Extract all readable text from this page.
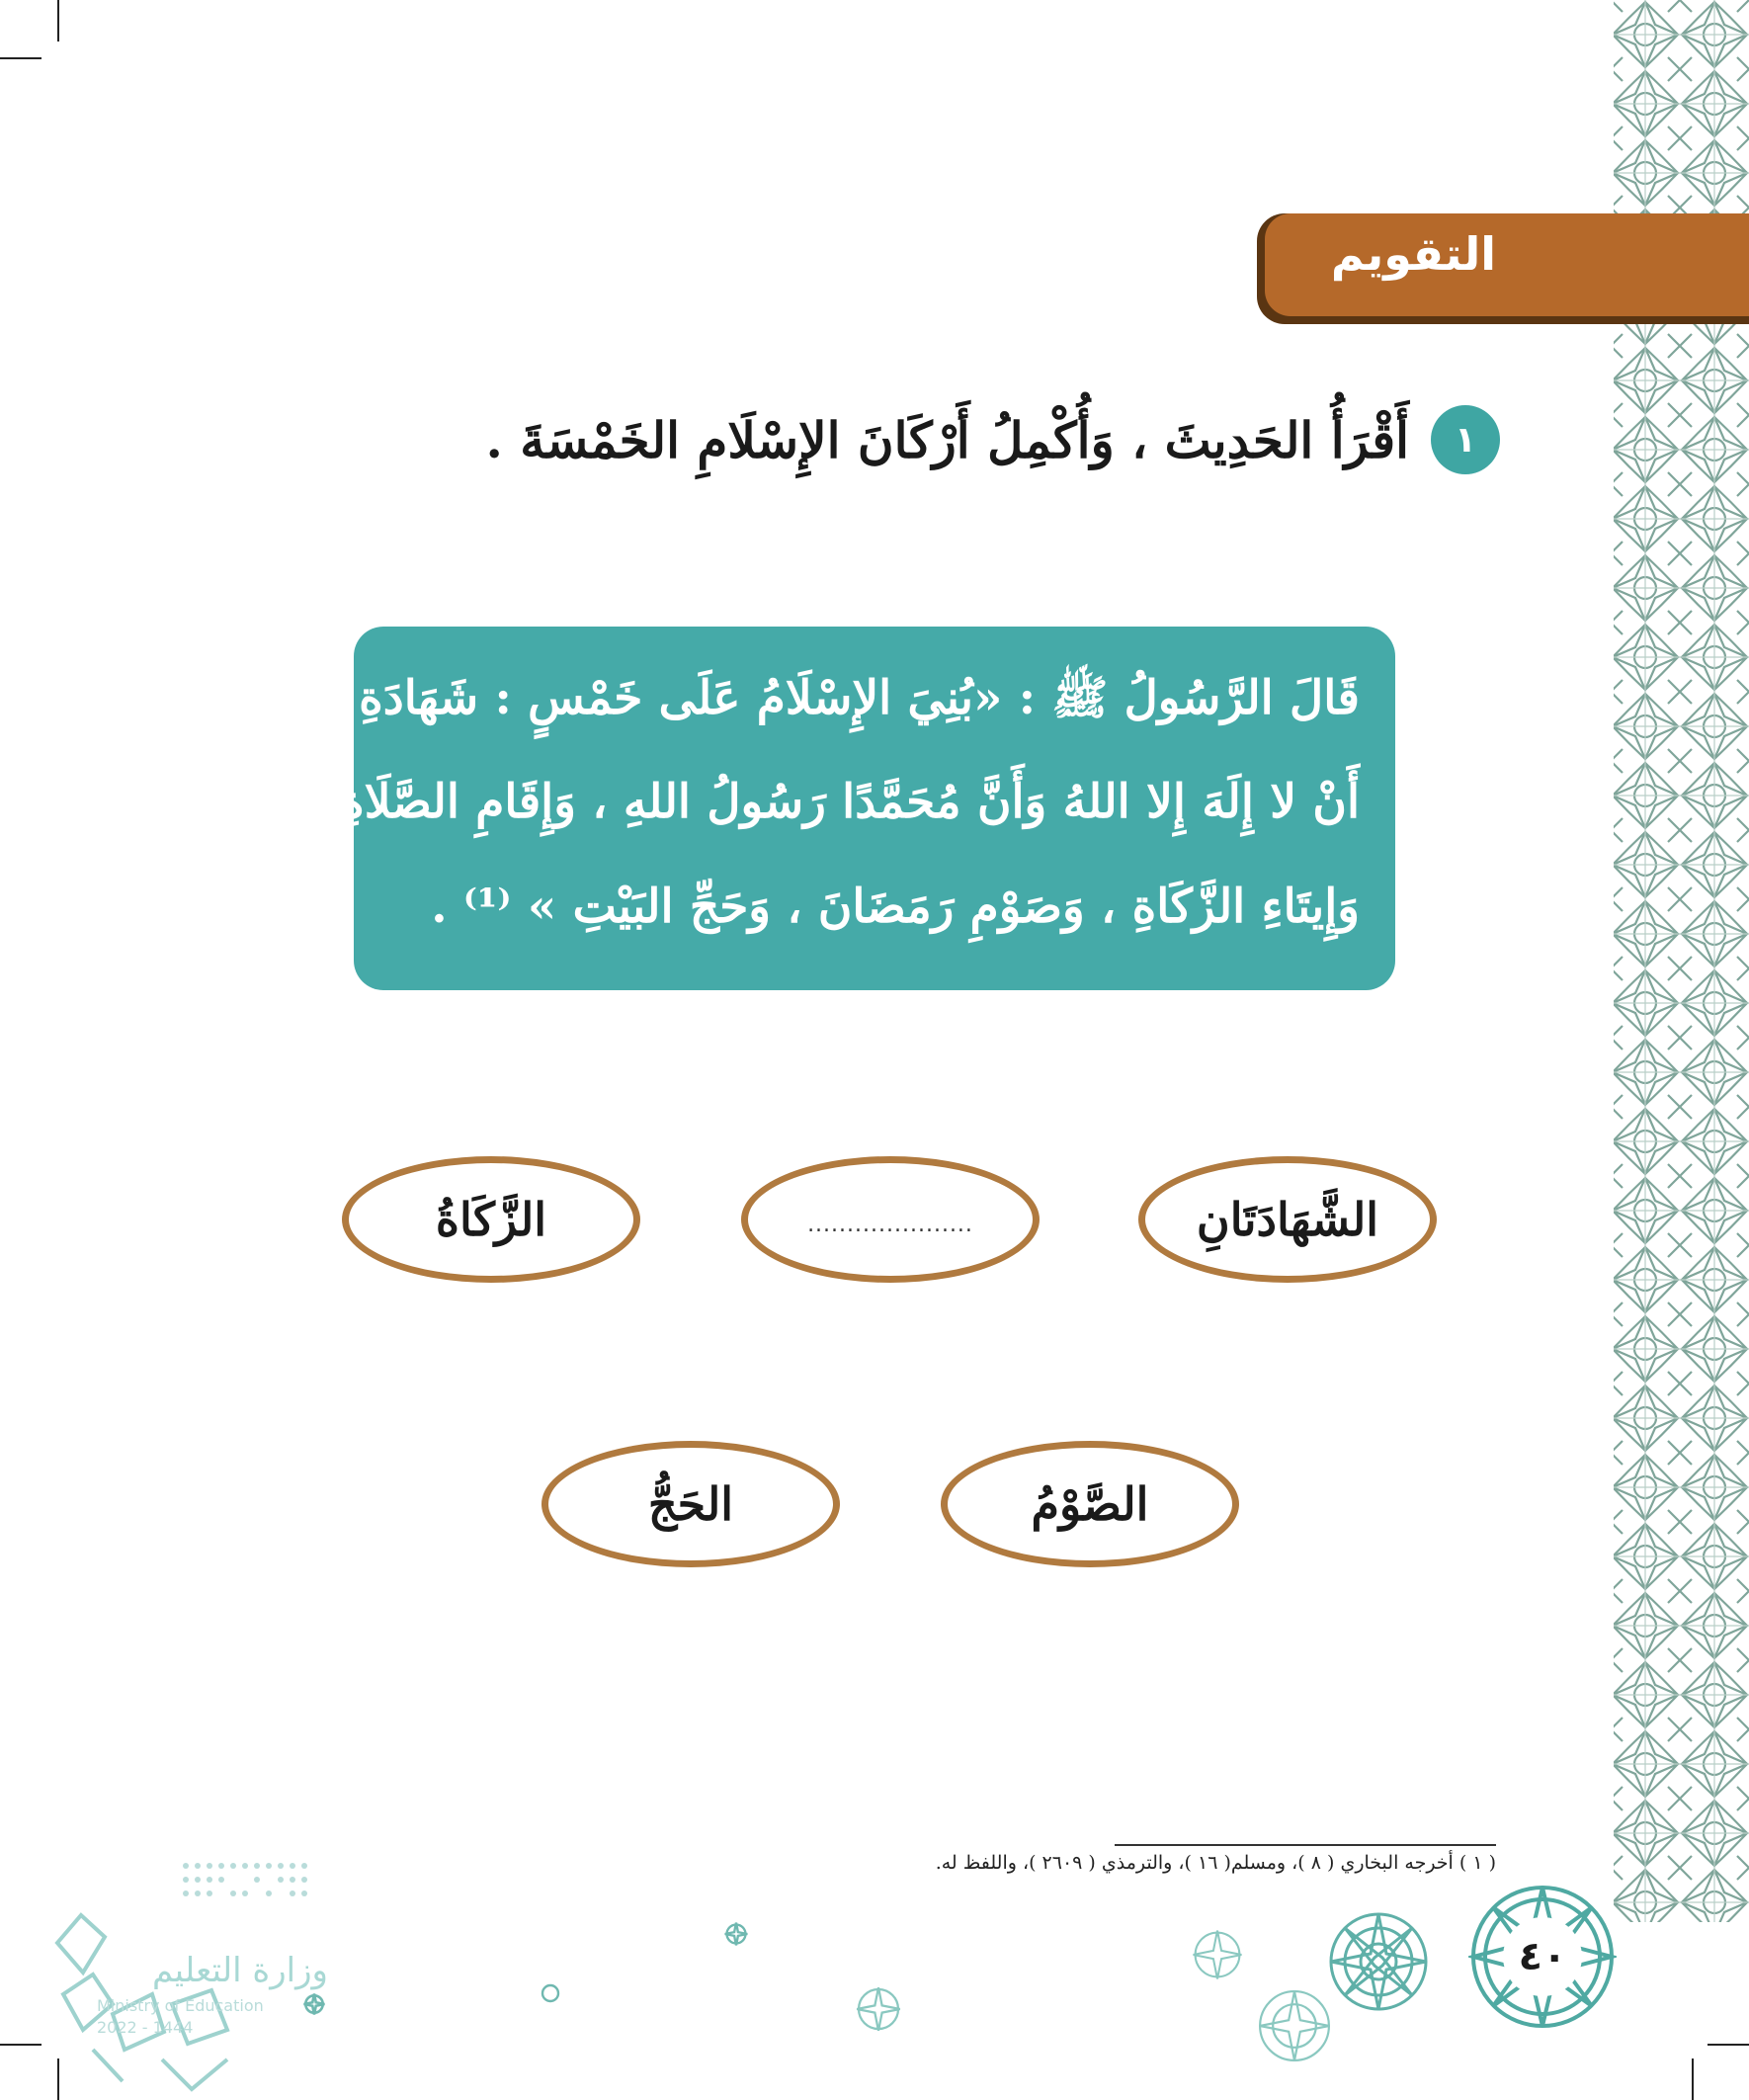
التقويم
١
أَقْرَأُ الحَدِيثَ ، وَأُكْمِلُ أَرْكَانَ الإِسْلَامِ الخَمْسَةَ .
قَالَ الرَّسُولُ ﷺ : «بُنِيَ الإِسْلَامُ عَلَى خَمْسٍ : شَهَادَةِ
أَنْ لا إِلَهَ إِلا اللهُ وَأَنَّ مُحَمَّدًا رَسُولُ اللهِ ، وَإِقَامِ الصَّلَاةِ ،
وَإِيتَاءِ الزَّكَاةِ ، وَصَوْمِ رَمَضَانَ ، وَحَجِّ البَيْتِ » ⁽¹⁾ .
الشَّهَادَتَانِ
.....................
الزَّكَاةُ
الصَّوْمُ
الحَجُّ
( ١ ) أخرجه البخاري ( ٨ )، ومسلم( ١٦ )، والترمذي ( ٢٦٠٩ )، واللفظ له.
٤٠
وزارة التعليم
Ministry of Education
2022 - 1444
